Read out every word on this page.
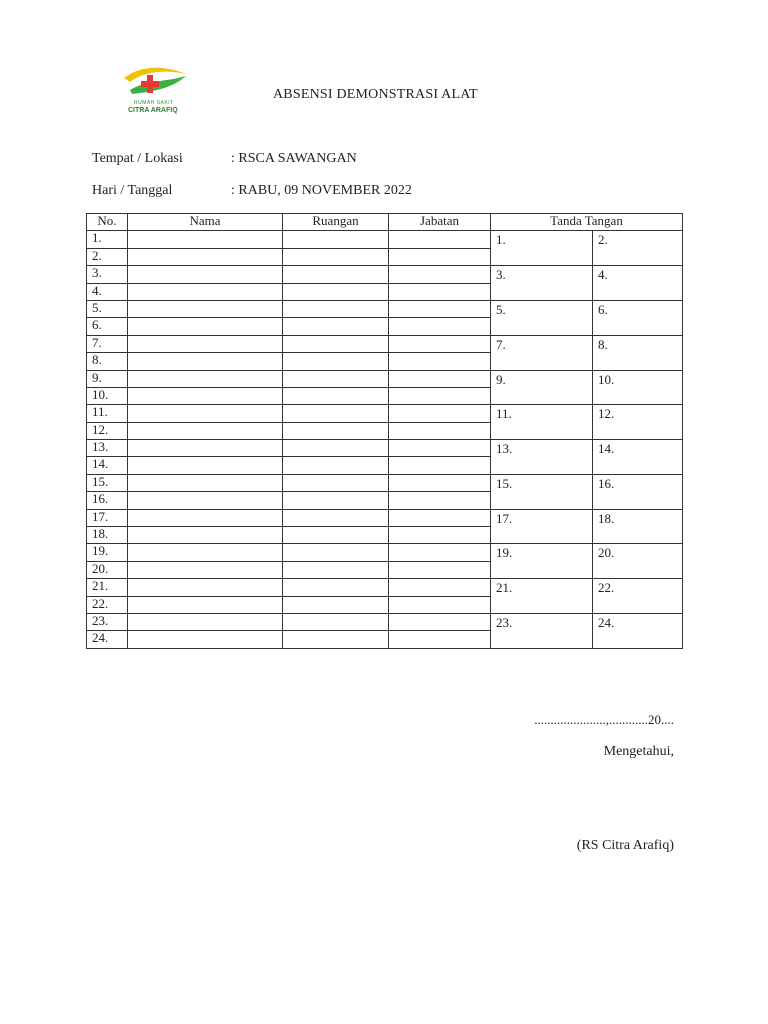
RUMAH SAKIT
CITRA ARAFIQ
ABSENSI DEMONSTRASI ALAT
Tempat / Lokasi	: RSCA SAWANGAN
Hari / Tanggal	: RABU, 09 NOVEMBER 2022
No.	Nama	Ruangan	Jabatan	Tanda Tangan	
1.				1.	2.
2.					
3.				3.	4.
4.					
5.				5.	6.
6.					
7.				7.	8.
8.					
9.				9.	10.
10.					
11.				11.	12.
12.					
13.				13.	14.
14.					
15.				15.	16.
16.					
17.				17.	18.
18.					
19.				19.	20.
20.					
21.				21.	22.
22.					
23.				23.	24.
24.					
......................,............20....
Mengetahui,
(RS Citra Arafiq)
